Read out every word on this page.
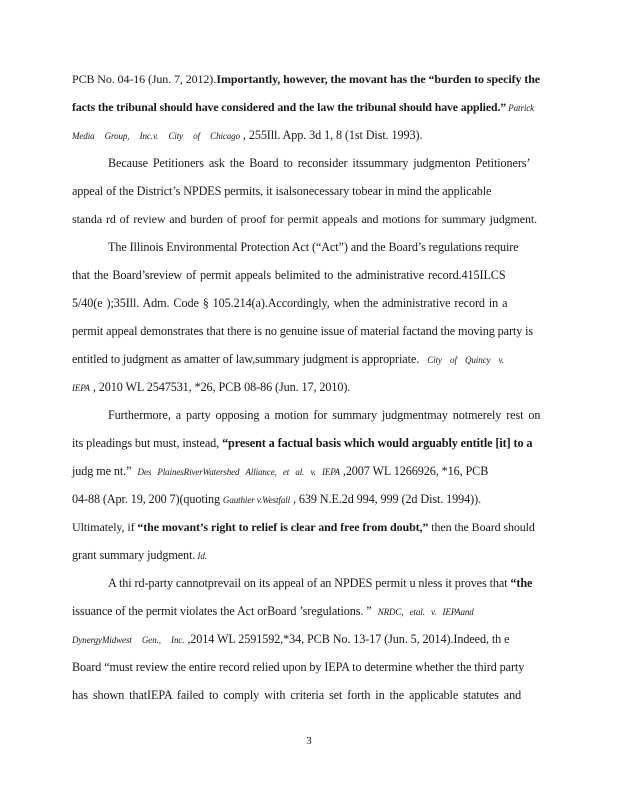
PCB No. 04-16 (Jun. 7, 2012). Importantly, however, the movant has the “burden to specify the
facts the tribunal should have considered and the law the tribunal should have applied.” Patrick
Media Group, Inc.v. City of Chicago , 255Ill. App. 3d 1, 8 (1st Dist. 1993).
Because Petitioners ask the Board to reconsider itssummary judgmenton Petitioners’
appeal of the District’s NPDES permits, it isalsonecessary tobear in mind the applicable
standa rd of review and burden of proof for permit appeals and motions for summary judgment.
The Illinois Environmental Protection Act (“Act”) and the Board’s regulations require
that the Board’sreview of permit appeals belimited to the administrative record.415ILCS
5/40(e );35Ill. Adm. Code § 105.214(a).Accordingly, when the administrative record in a
permit appeal demonstrates that there is no genuine issue of material factand the moving party is
entitled to judgment as amatter of law,summary judgment is appropriate. City of Quincy v.
IEPA , 2010 WL 2547531, *26, PCB 08-86 (Jun. 17, 2010).
Furthermore, a party opposing a motion for summary judgmentmay notmerely rest on
its pleadings but must, instead, “present a factual basis which would arguably entitle [it] to a
judg me nt.” Des PlainesRiverWatershed Alliance, et al. v. IEPA ,2007 WL 1266926, *16, PCB
04-88 (Apr. 19, 200 7)(quoting Gauthier v.Westfall , 639 N.E.2d 994, 999 (2d Dist. 1994)).
Ultimately, if “the movant’s right to relief is clear and free from doubt,” then the Board should
grant summary judgment. Id.
A thi rd-party cannotprevail on its appeal of an NPDES permit u nless it proves that “the
issuance of the permit violates the Act orBoard ’sregulations. ” NRDC, etal. v. IEPAand
DynergyMidwest Gen., Inc. ,2014 WL 2591592,*34, PCB No. 13-17 (Jun. 5, 2014).Indeed, th e
Board “must review the entire record relied upon by IEPA to determine whether the third party
has shown thatIEPA failed to comply with criteria set forth in the applicable statutes and
3
